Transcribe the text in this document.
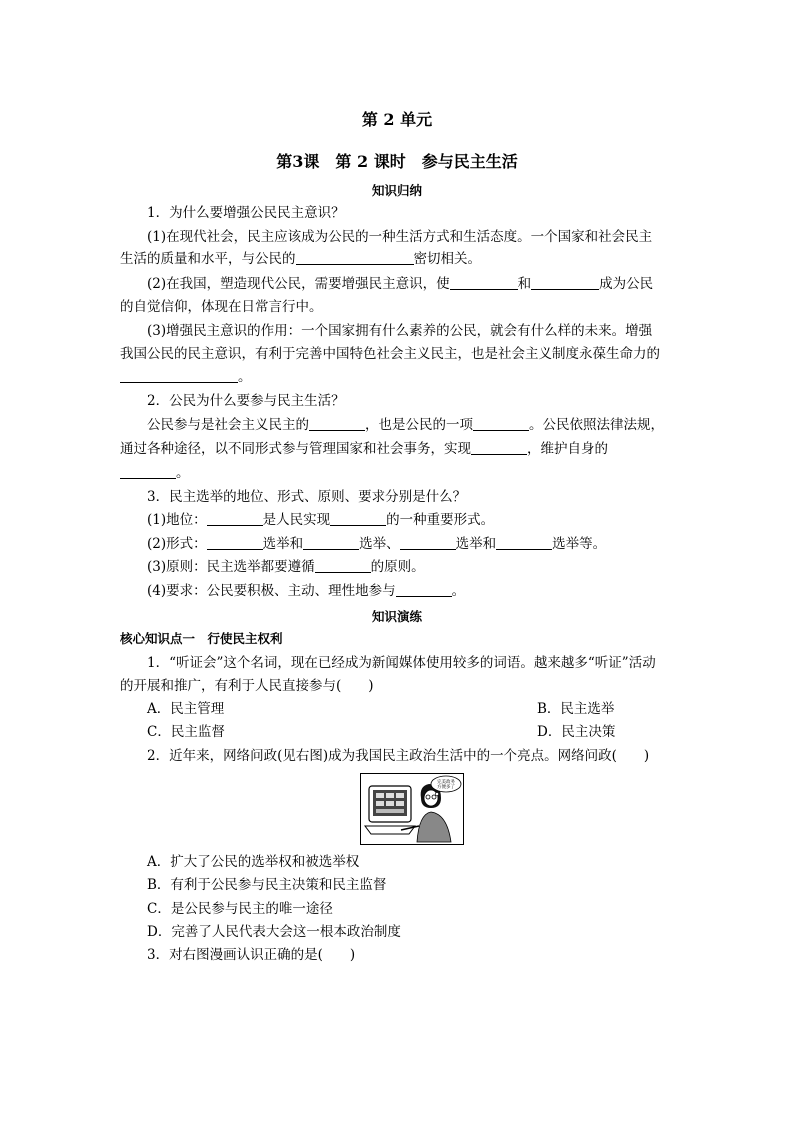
第 2 单元
第3课　第 2 课时　参与民主生活
知识归纳
1．为什么要增强公民民主意识？
(1)在现代社会，民主应该成为公民的一种生活方式和生活态度。一个国家和社会民主
生活的质量和水平，与公民的	密切相关。
(2)在我国，塑造现代公民，需要增强民主意识，使	和	成为公民
的自觉信仰，体现在日常言行中。
(3)增强民主意识的作用：一个国家拥有什么素养的公民，就会有什么样的未来。增强
我国公民的民主意识，有利于完善中国特色社会主义民主，也是社会主义制度永葆生命力的
。
2．公民为什么要参与民主生活？
公民参与是社会主义民主的	，也是公民的一项	。公民依照法律法规，
通过各种途径，以不同形式参与管理国家和社会事务，实现	，维护自身的
。
3．民主选举的地位、形式、原则、要求分别是什么？
(1)地位：	是人民实现	的一种重要形式。
(2)形式：	选举和	选举、	选举和	选举等。
(3)原则：民主选举都要遵循	的原则。
(4)要求：公民要积极、主动、理性地参与	。
知识演练
核心知识点一　行使民主权利
1．“听证会”这个名词，现在已经成为新闻媒体使用较多的词语。越来越多“听证”活动
的开展和推广，有利于人民直接参与(　　)
A．民主管理	B．民主选举
C．民主监督	D．民主决策
2．近年来，网络问政(见右图)成为我国民主政治生活中的一个亮点。网络问政(　　)
完美政务
方便多了
A．扩大了公民的选举权和被选举权
B．有利于公民参与民主决策和民主监督
C．是公民参与民主的唯一途径
D．完善了人民代表大会这一根本政治制度
3．对右图漫画认识正确的是(　　)
